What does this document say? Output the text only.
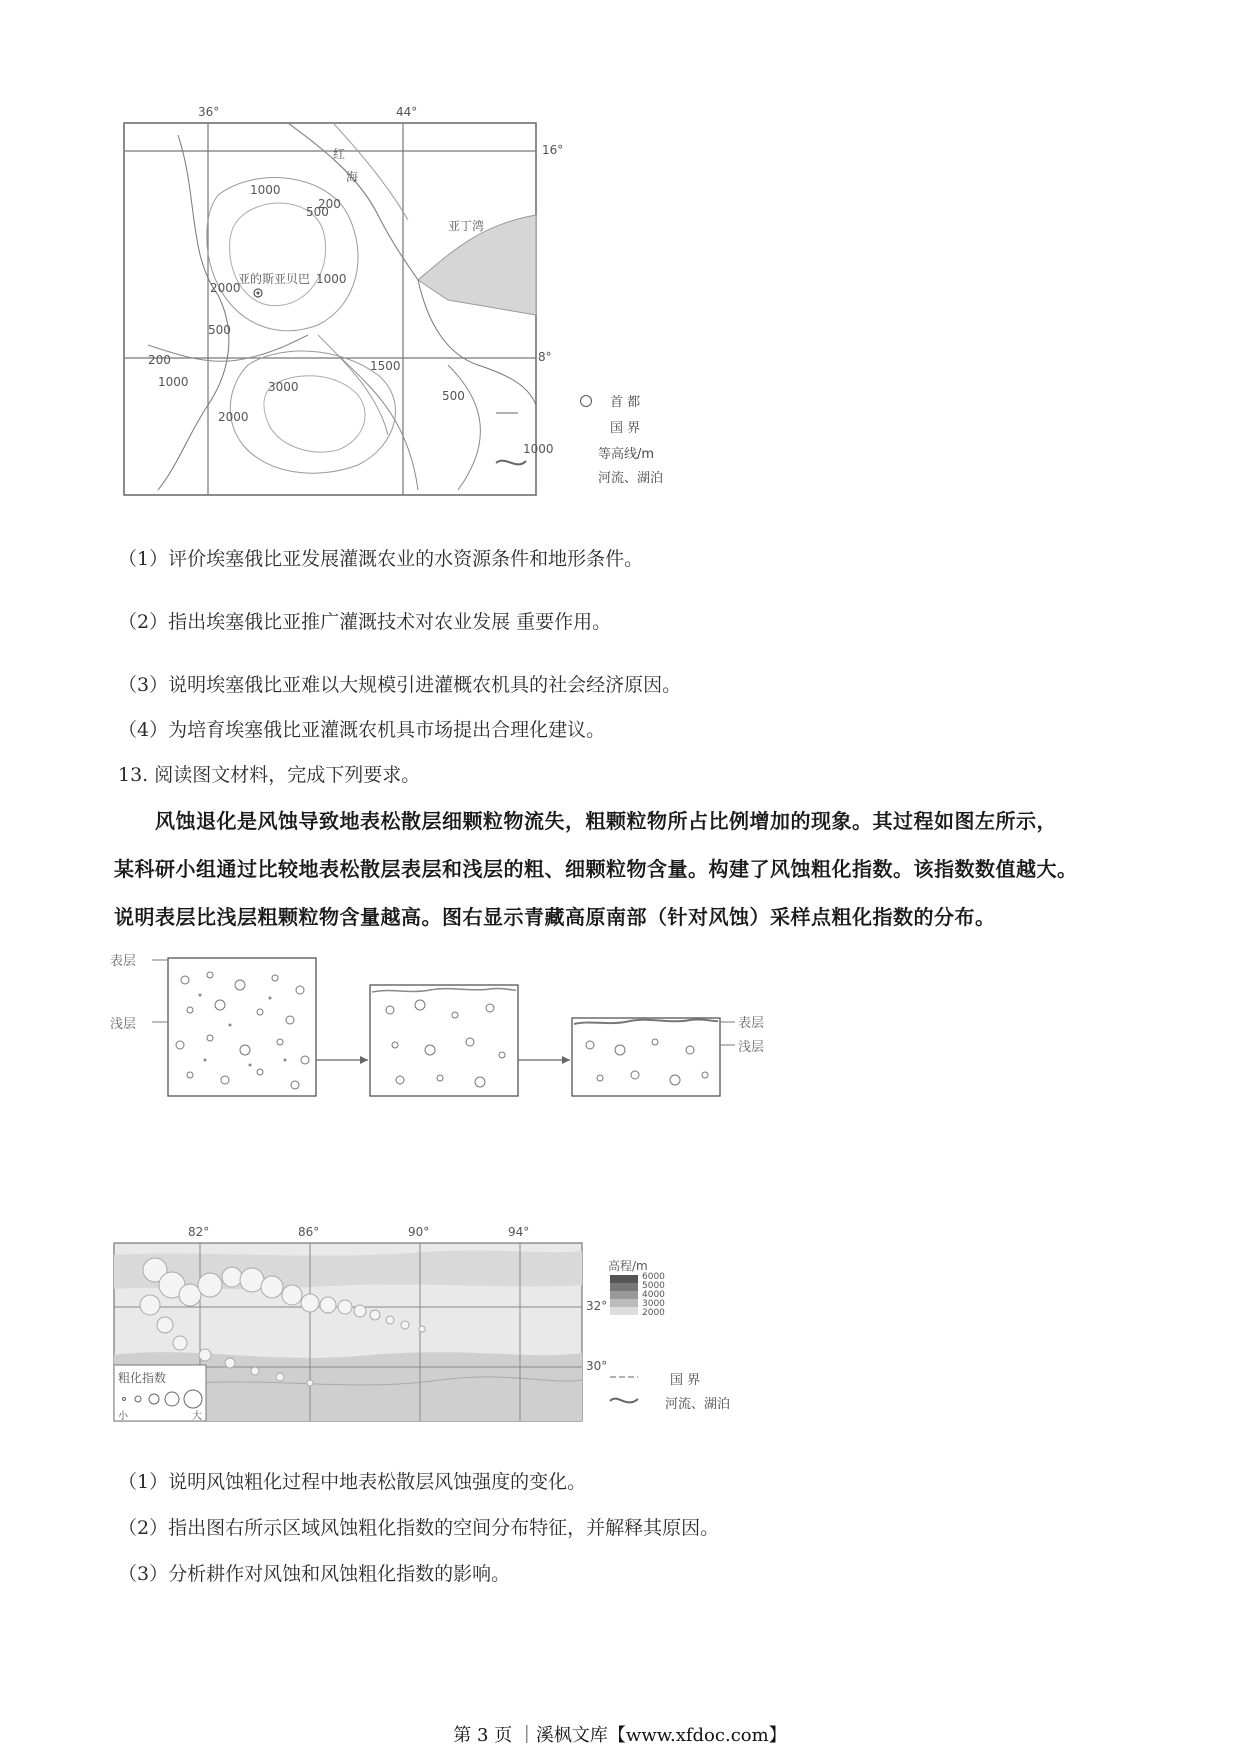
36°	44°
16°
8°
红
海
亚丁湾
亚的斯亚贝巴
1000
500
200
1000
2000
500
200
1000
2000
3000
1500
500	首 都
国 界
1000	等高线/m
河流、湖泊
（1）评价埃塞俄比亚发展灌溉农业的水资源条件和地形条件。
（2）指出埃塞俄比亚推广灌溉技术对农业发展 重要作用。
（3）说明埃塞俄比亚难以大规模引进灌概农机具的社会经济原因。
（4）为培育埃塞俄比亚灌溉农机具市场提出合理化建议。
13. 阅读图文材料，完成下列要求。
风蚀退化是风蚀导致地表松散层细颗粒物流失，粗颗粒物所占比例增加的现象。其过程如图左所示，
某科研小组通过比较地表松散层表层和浅层的粗、细颗粒物含量。构建了风蚀粗化指数。该指数数值越大。
说明表层比浅层粗颗粒物含量越高。图右显示青藏高原南部（针对风蚀）采样点粗化指数的分布。
表层
浅层	表层
浅层
82°	86°	90°	94°
32°
30°
高程/m
6000
5000
4000
3000
2000
国 界
河流、湖泊
粗化指数
小	大
（1）说明风蚀粗化过程中地表松散层风蚀强度的变化。
（2）指出图右所示区域风蚀粗化指数的空间分布特征，并解释其原因。
（3）分析耕作对风蚀和风蚀粗化指数的影响。
第 3 页 ｜溪枫文库【www.xfdoc.com】
